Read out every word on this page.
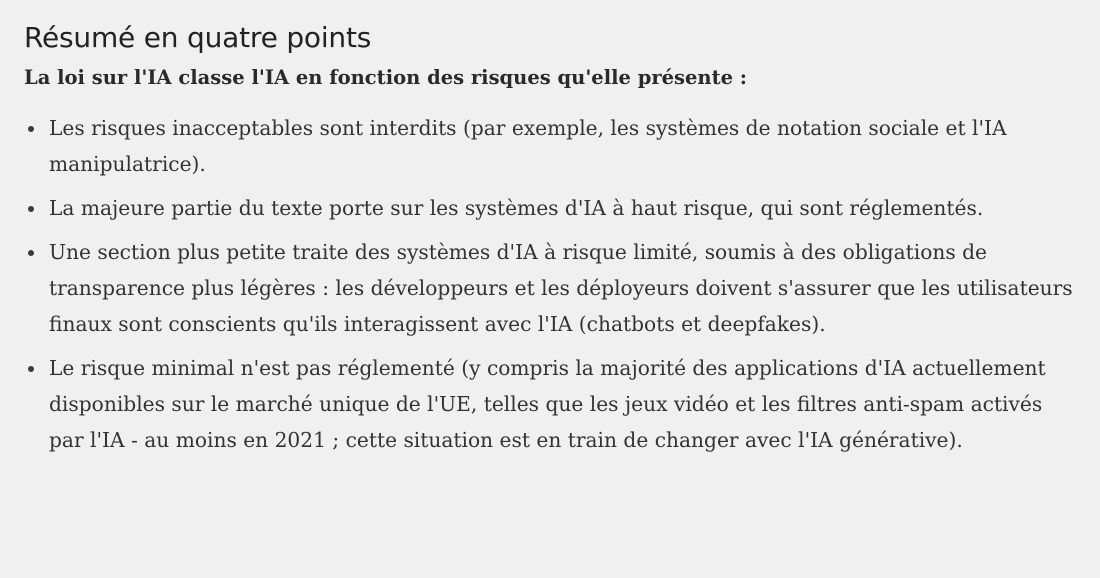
Résumé en quatre points

La loi sur l'IA classe l'IA en fonction des risques qu'elle présente :

Les risques inacceptables sont interdits (par exemple, les systèmes de notation sociale et l'IA manipulatrice).
La majeure partie du texte porte sur les systèmes d'IA à haut risque, qui sont réglementés.
Une section plus petite traite des systèmes d'IA à risque limité, soumis à des obligations de transparence plus légères : les développeurs et les déployeurs doivent s'assurer que les utilisateurs finaux sont conscients qu'ils interagissent avec l'IA (chatbots et deepfakes).
Le risque minimal n'est pas réglementé (y compris la majorité des applications d'IA actuellement disponibles sur le marché unique de l'UE, telles que les jeux vidéo et les filtres anti-spam activés par l'IA - au moins en 2021 ; cette situation est en train de changer avec l'IA générative).
